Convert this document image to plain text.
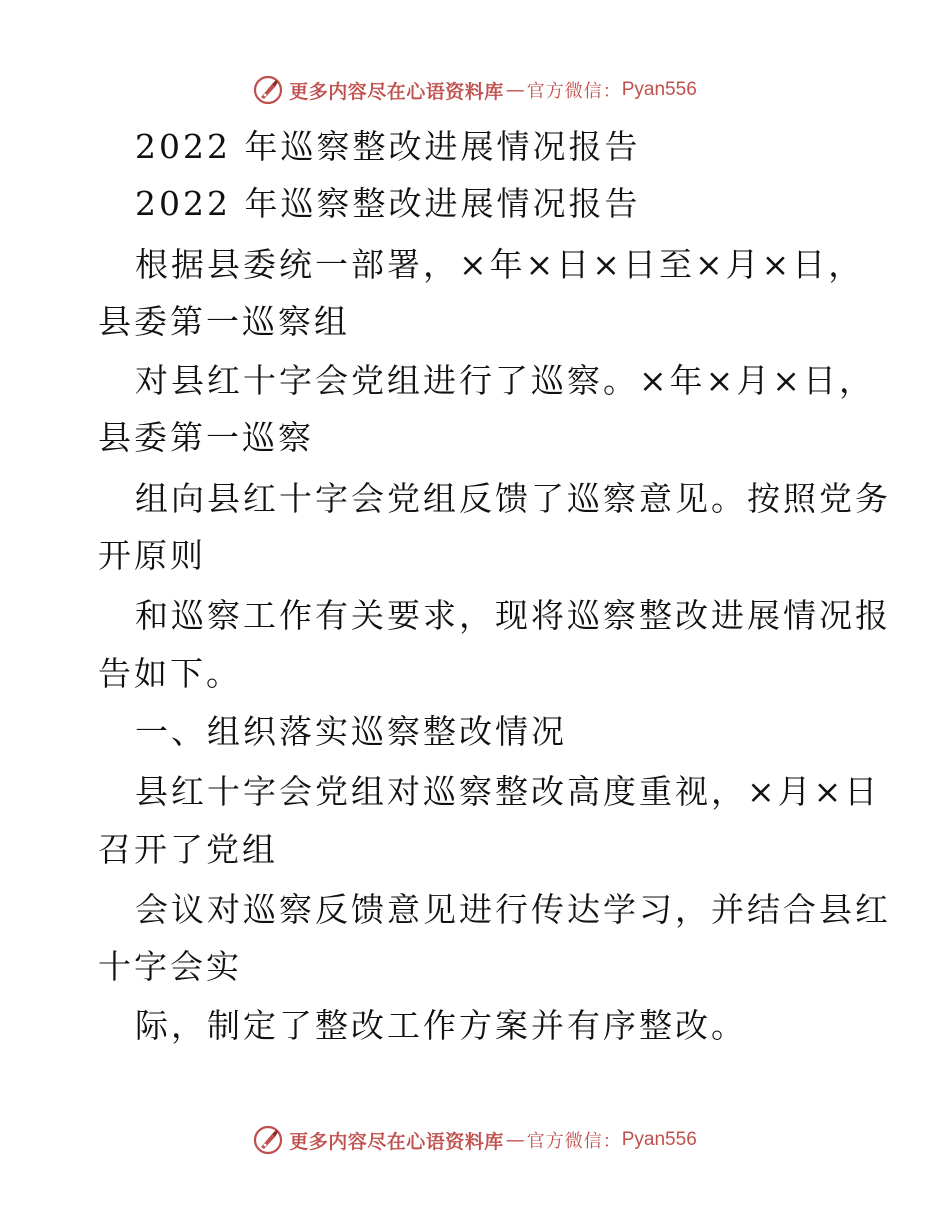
更多内容尽在心语资料库 — 官方微信： Pyan556
2022 年巡察整改进展情况报告
2022 年巡察整改进展情况报告
根据县委统一部署，×年×日×日至×月×日，
县委第一巡察组
对县红十字会党组进行了巡察。×年×月×日，
县委第一巡察
组向县红十字会党组反馈了巡察意见。按照党务
开原则
和巡察工作有关要求，现将巡察整改进展情况报
告如下。
一、组织落实巡察整改情况
县红十字会党组对巡察整改高度重视，×月×日
召开了党组
会议对巡察反馈意见进行传达学习，并结合县红
十字会实
际，制定了整改工作方案并有序整改。
更多内容尽在心语资料库 — 官方微信： Pyan556
